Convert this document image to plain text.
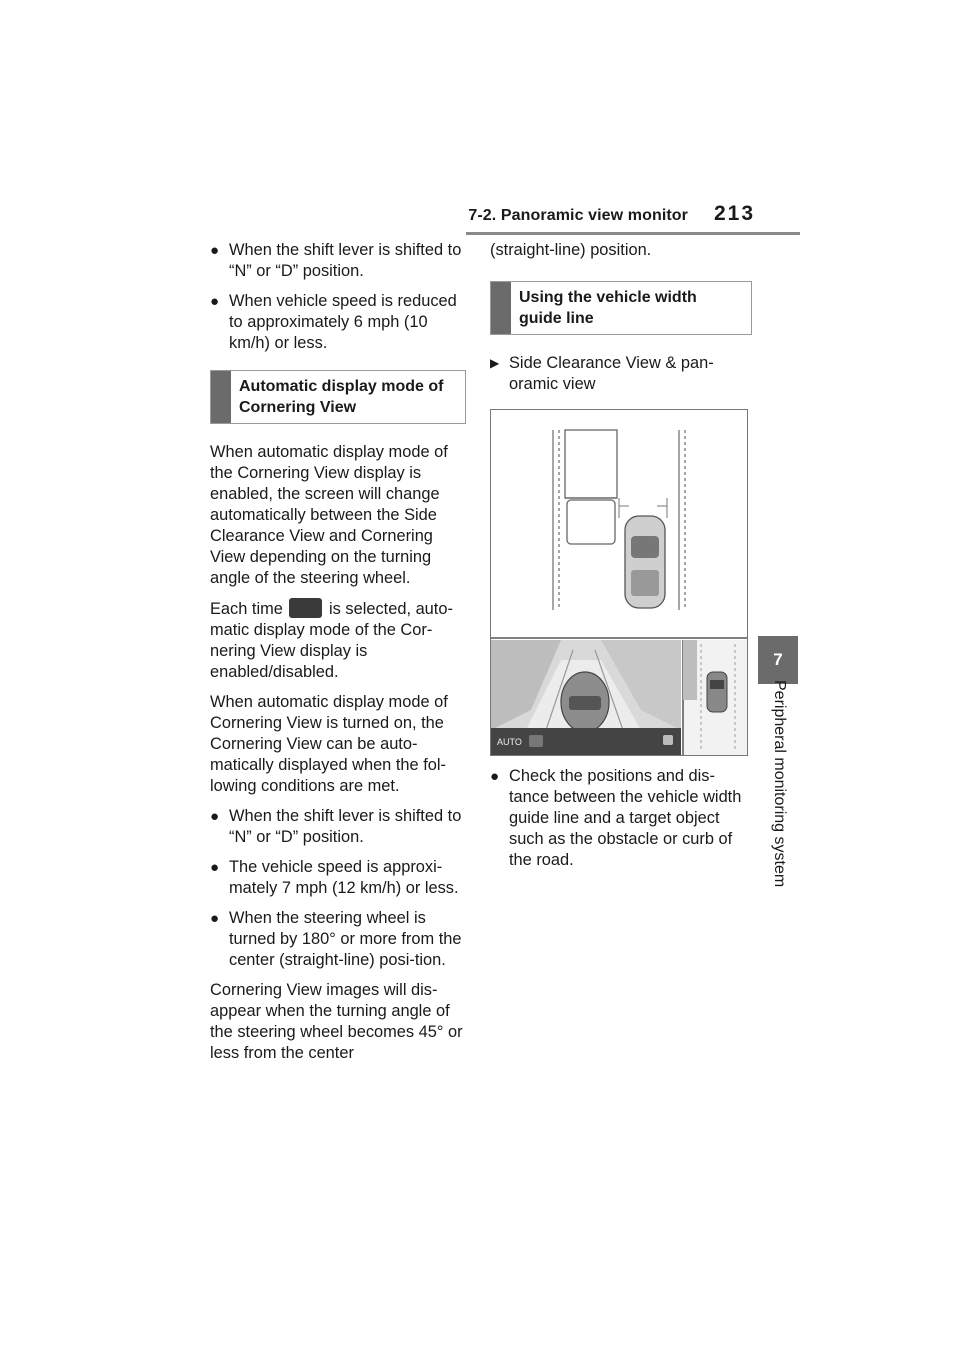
7-2. Panoramic view monitor 213
7
Peripheral monitoring system
● When the shift lever is shifted to “N” or “D” position.
● When vehicle speed is reduced to approximately 6 mph (10 km/h) or less.
Automatic display mode of Cornering View

When automatic display mode of the Cornering View display is enabled, the screen will change automatically between the Side Clearance View and Cornering View depending on the turning angle of the steering wheel.

Each time	is selected, auto-matic display mode of the Cor-nering View display is enabled/disabled.

When automatic display mode of Cornering View is turned on, the Cornering View can be auto-matically displayed when the fol-lowing conditions are met.

● When the shift lever is shifted to “N” or “D” position.
● The vehicle speed is approxi-mately 7 mph (12 km/h) or less.
● When the steering wheel is turned by 180° or more from the center (straight-line) posi-tion.

Cornering View images will dis-appear when the turning angle of the steering wheel becomes 45° or less from the center

(straight-line) position.

Using the vehicle width guide line
▶ Side Clearance View & pan-oramic view
AUTO
● Check the positions and dis-tance between the vehicle width guide line and a target object such as the obstacle or curb of the road.
